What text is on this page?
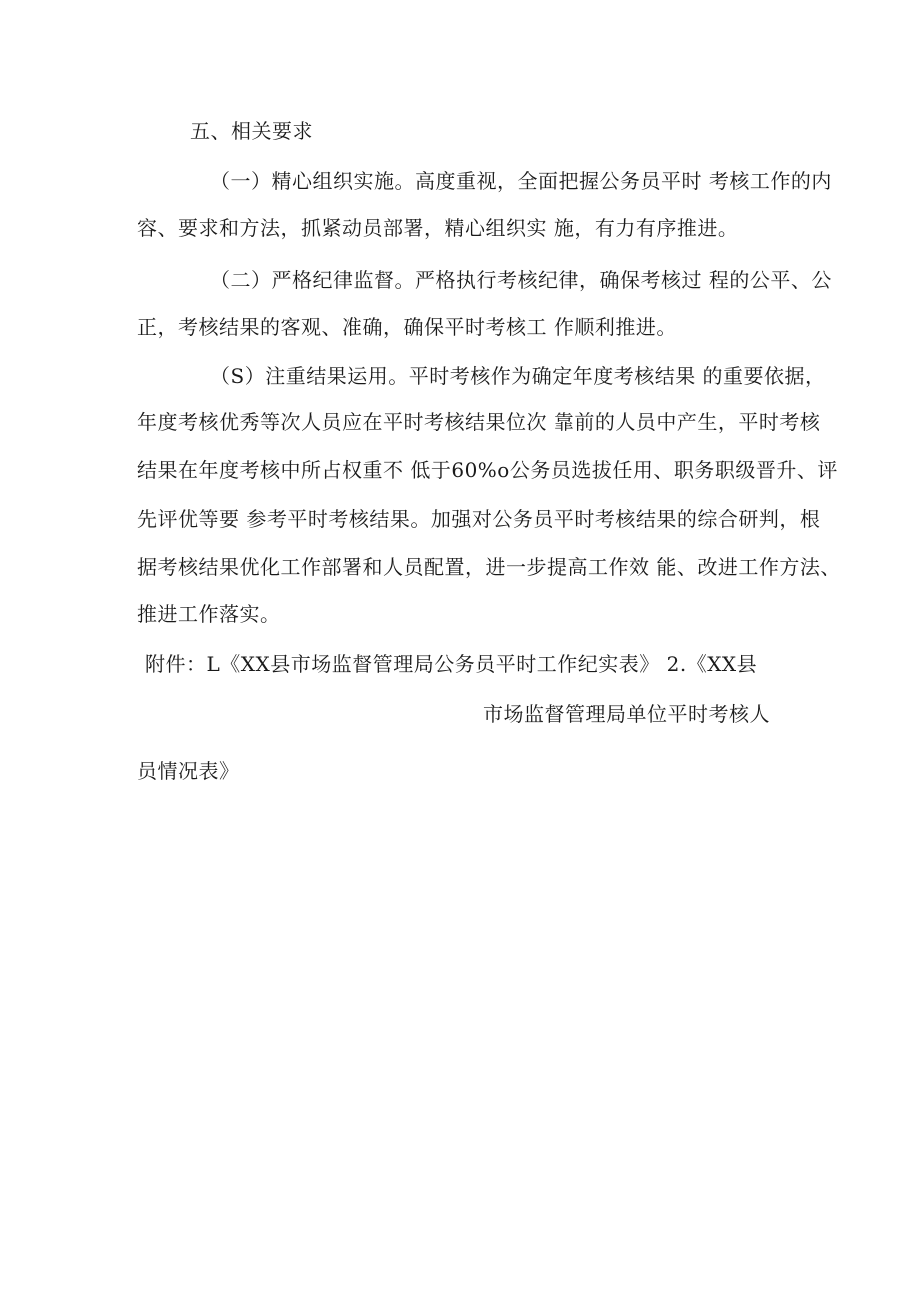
五、相关要求
（一）精心组织实施。高度重视，全面把握公务员平时 考核工作的内
容、要求和方法，抓紧动员部署，精心组织实 施，有力有序推进。
（二）严格纪律监督。严格执行考核纪律，确保考核过 程的公平、公
正，考核结果的客观、准确，确保平时考核工 作顺利推进。
（S）注重结果运用。平时考核作为确定年度考核结果 的重要依据，
年度考核优秀等次人员应在平时考核结果位次 靠前的人员中产生，平时考核
结果在年度考核中所占权重不 低于60%o公务员选拔任用、职务职级晋升、评
先评优等要 参考平时考核结果。加强对公务员平时考核结果的综合研判，根
据考核结果优化工作部署和人员配置，进一步提高工作效 能、改进工作方法、
推进工作落实。
附件：L《XX县市场监督管理局公务员平时工作纪实表》 2.《XX县
市场监督管理局单位平时考核人
员情况表》
